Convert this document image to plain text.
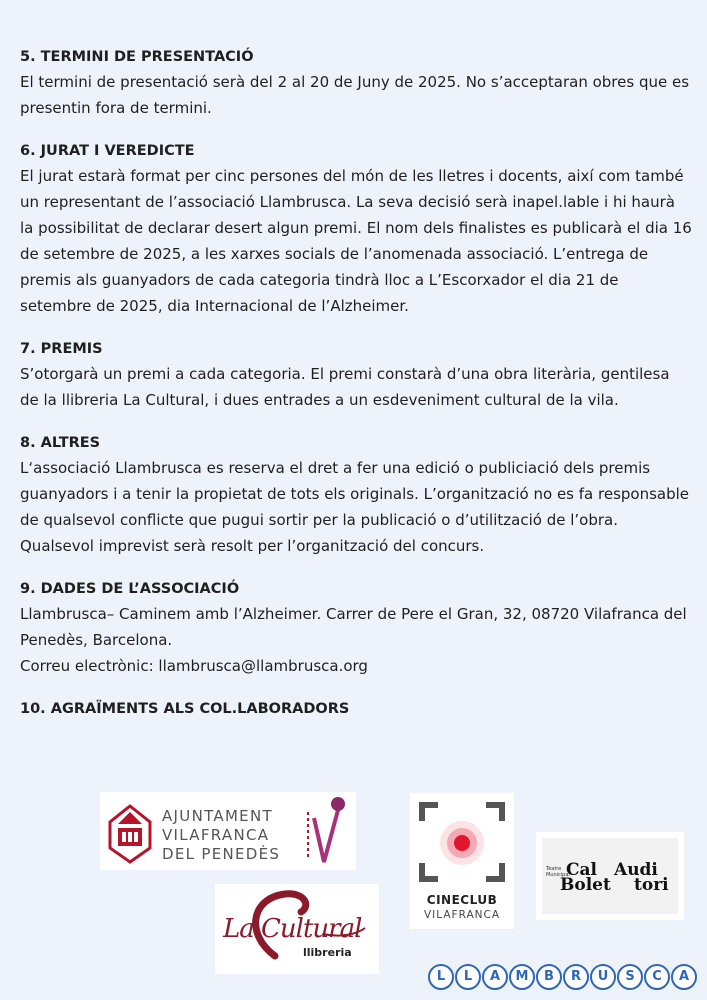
5. TERMINI DE PRESENTACIÓ

El termini de presentació serà del 2 al 20 de Juny de 2025. No s’acceptaran obres que es presentin fora de termini.

6. JURAT I VEREDICTE

El jurat estarà format per cinc persones del món de les lletres i docents, així com també un representant de l’associació Llambrusca. La seva decisió serà inapel.lable i hi haurà la possibilitat de declarar desert algun premi. El nom dels finalistes es publicarà el dia 16 de setembre de 2025, a les xarxes socials de l’anomenada associació. L’entrega de premis als guanyadors de cada categoria tindrà lloc a L’Escorxador el dia 21 de setembre de 2025, dia Internacional de l’Alzheimer.

7. PREMIS

S’otorgarà un premi a cada categoria. El premi constarà d’una obra literària, gentilesa de la llibreria La Cultural, i dues entrades a un esdeveniment cultural de la vila.

8. ALTRES

L‘associació Llambrusca es reserva el dret a fer una edició o publiciació dels premis guanyadors i a tenir la propietat de tots els originals. L’organització no es fa responsable de qualsevol conflicte que pugui sortir per la publicació o d’utilització de l’obra.

Qualsevol imprevist serà resolt per l’organització del concurs.

9. DADES DE L’ASSOCIACIÓ

Llambrusca– Caminem amb l’Alzheimer. Carrer de Pere el Gran, 32, 08720 Vilafranca del Penedès, Barcelona.

Correu electrònic: llambrusca@llambrusca.org

10. AGRAÏMENTS ALS COL.LABORADORS
AJUNTAMENT
VILAFRANCA
DEL PENEDÈS
CINECLUB
VILAFRANCA
Teatre
Municipal
Cal
Bolet
Audi
tori
La Cultural
llibreria
L	L	A	M	B	R	U	S	C	A
